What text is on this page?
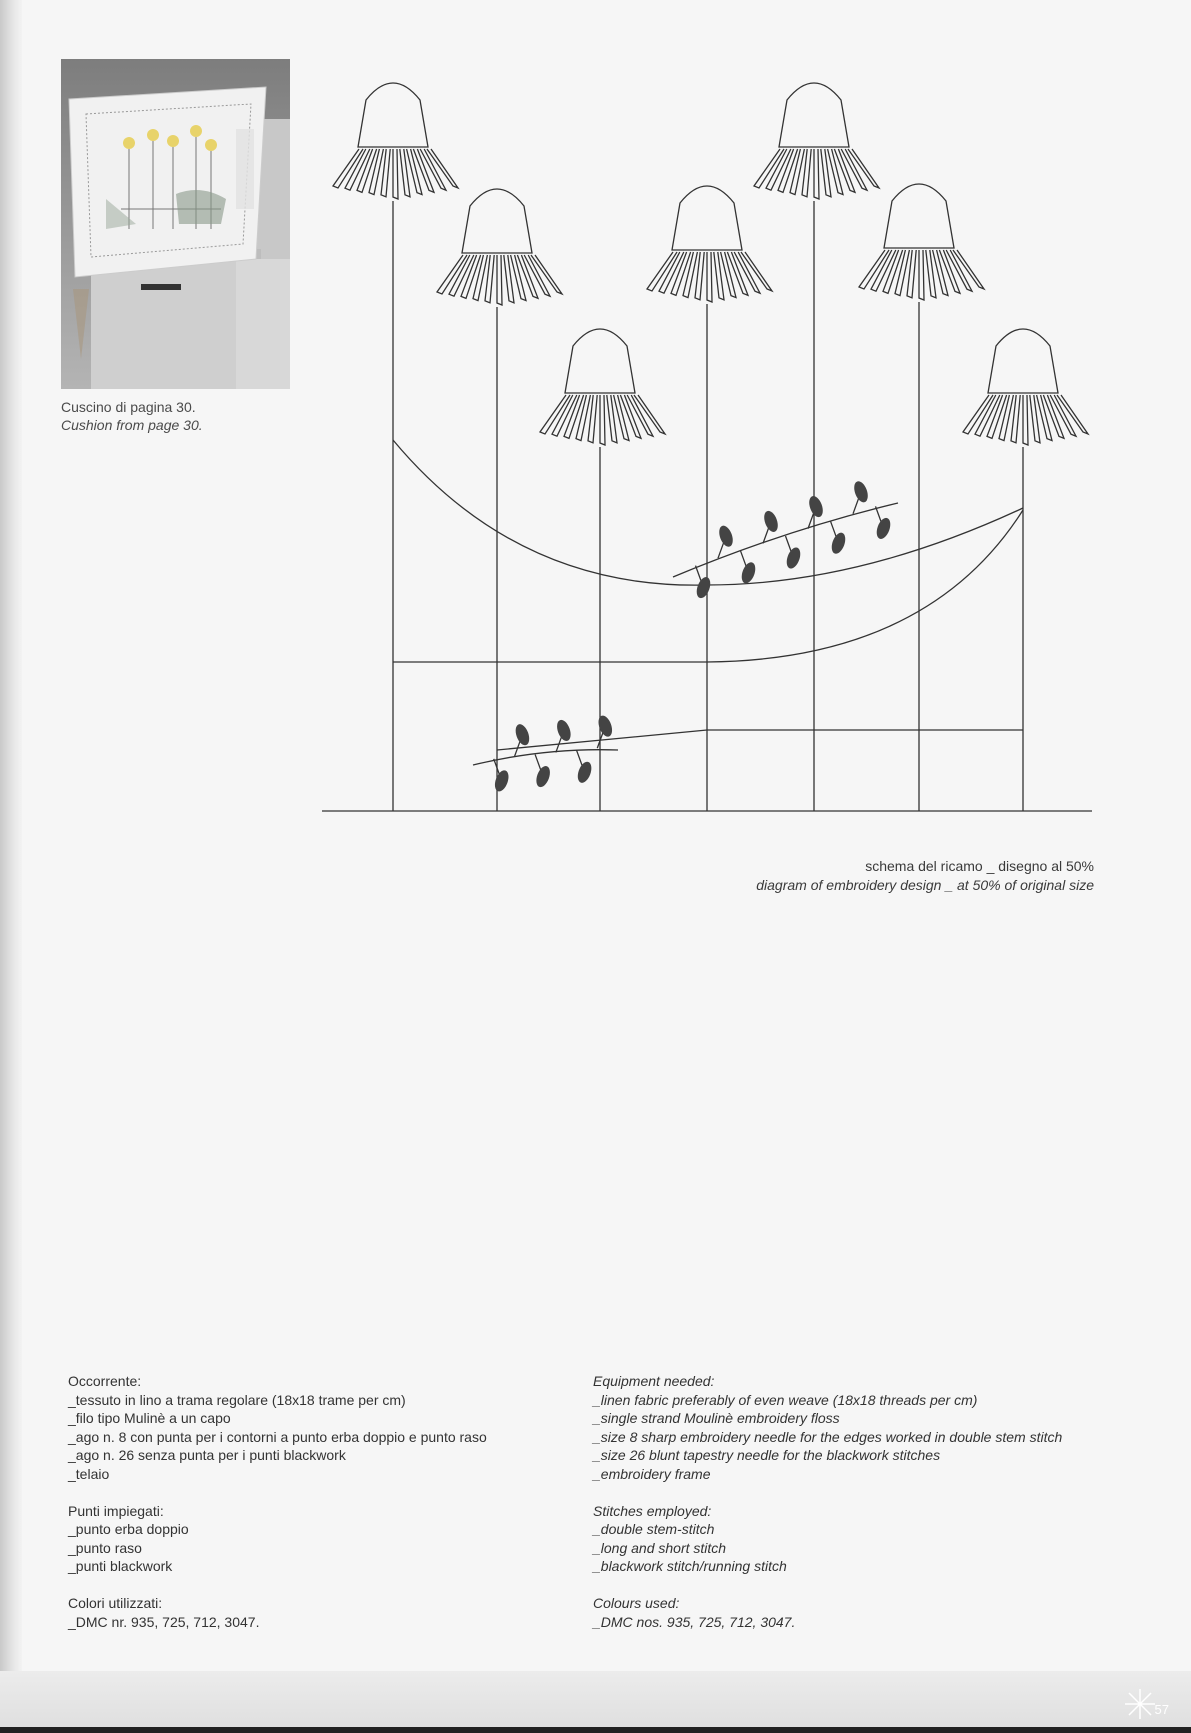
Cuscino di pagina 30.
Cushion from page 30.
schema del ricamo _ disegno al 50%
diagram of embroidery design _ at 50% of original size
Occorrente:
_tessuto in lino a trama regolare (18x18 trame per cm)
_filo tipo Mulinè a un capo
_ago n. 8 con punta per i contorni a punto erba doppio e punto raso
_ago n. 26 senza punta per i punti blackwork
_telaio
Punti impiegati:
_punto erba doppio
_punto raso
_punti blackwork
Colori utilizzati:
_DMC nr. 935, 725, 712, 3047.
Equipment needed:
_linen fabric preferably of even weave (18x18 threads per cm)
_single strand Moulinè embroidery floss
_size 8 sharp embroidery needle for the edges worked in double stem stitch
_size 26 blunt tapestry needle for the blackwork stitches
_embroidery frame
Stitches employed:
_double stem-stitch
_long and short stitch
_blackwork stitch/running stitch
Colours used:
_DMC nos. 935, 725, 712, 3047.
57
